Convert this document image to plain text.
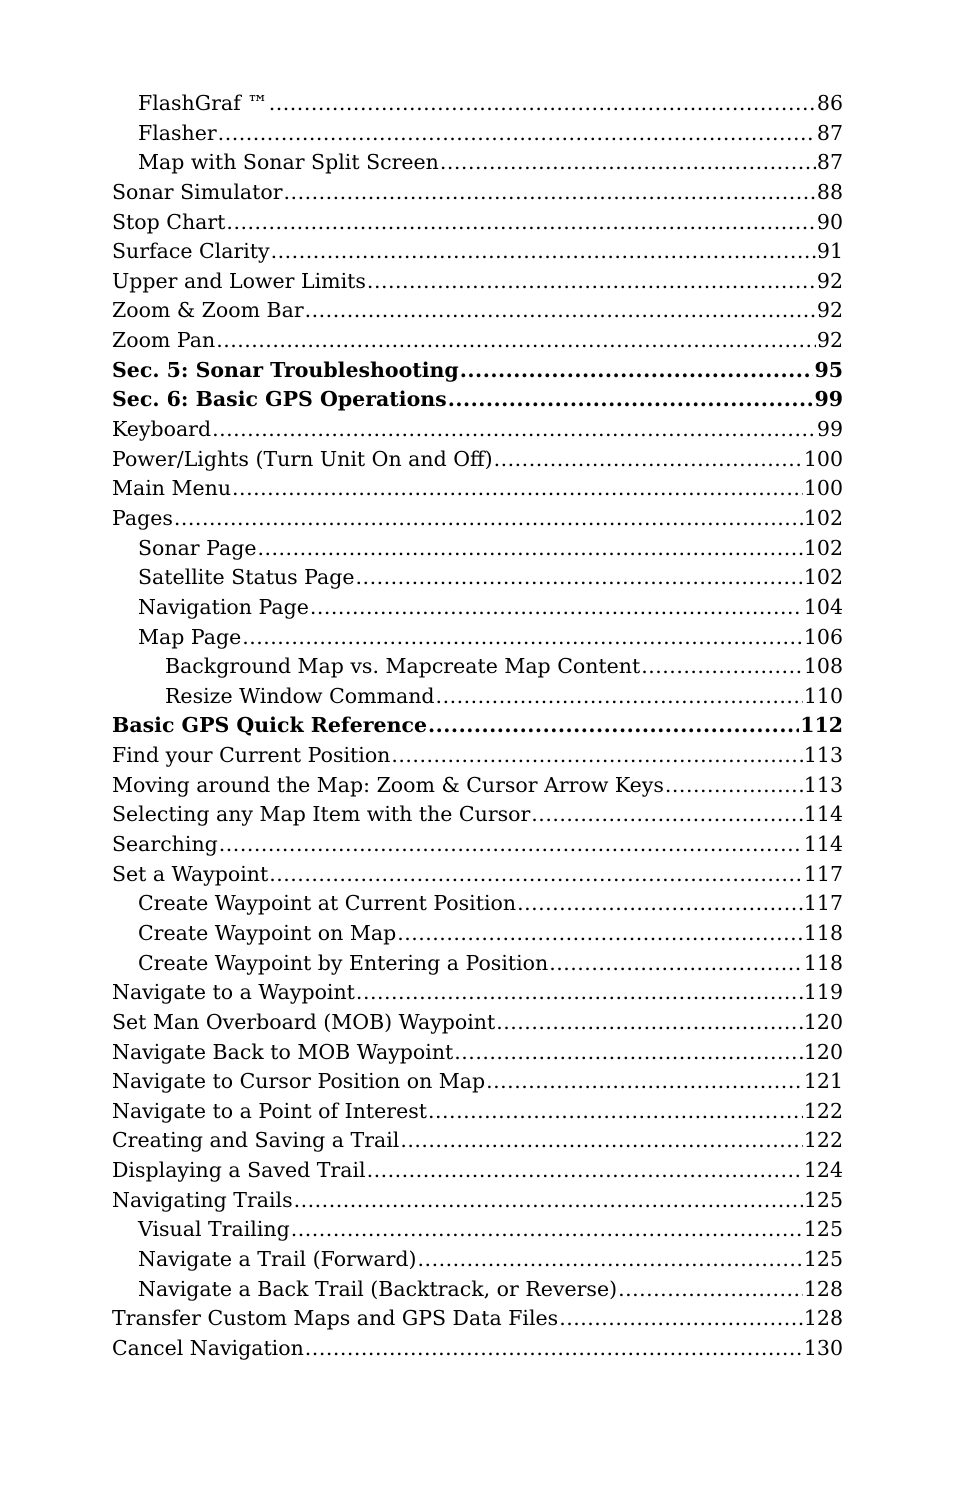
FlashGraf ™ .....	86
Flasher .....	87
Map with Sonar Split Screen .....	87
Sonar Simulator .....	88
Stop Chart .....	90
Surface Clarity .....	91
Upper and Lower Limits .....	92
Zoom & Zoom Bar .....	92
Zoom Pan .....	92
Sec. 5: Sonar Troubleshooting .....	95
Sec. 6: Basic GPS Operations .....	99
Keyboard .....	99
Power/Lights (Turn Unit On and Off) .....	100
Main Menu .....	100
Pages .....	102
Sonar Page .....	102
Satellite Status Page .....	102
Navigation Page .....	104
Map Page .....	106
Background Map vs. Mapcreate Map Content .....	108
Resize Window Command .....	110
Basic GPS Quick Reference .....	112
Find your Current Position .....	113
Moving around the Map: Zoom & Cursor Arrow Keys .....	113
Selecting any Map Item with the Cursor .....	114
Searching .....	114
Set a Waypoint .....	117
Create Waypoint at Current Position .....	117
Create Waypoint on Map .....	118
Create Waypoint by Entering a Position .....	118
Navigate to a Waypoint .....	119
Set Man Overboard (MOB) Waypoint .....	120
Navigate Back to MOB Waypoint .....	120
Navigate to Cursor Position on Map .....	121
Navigate to a Point of Interest .....	122
Creating and Saving a Trail .....	122
Displaying a Saved Trail .....	124
Navigating Trails .....	125
Visual Trailing .....	125
Navigate a Trail (Forward) .....	125
Navigate a Back Trail (Backtrack, or Reverse) .....	128
Transfer Custom Maps and GPS Data Files .....	128
Cancel Navigation .....	130
